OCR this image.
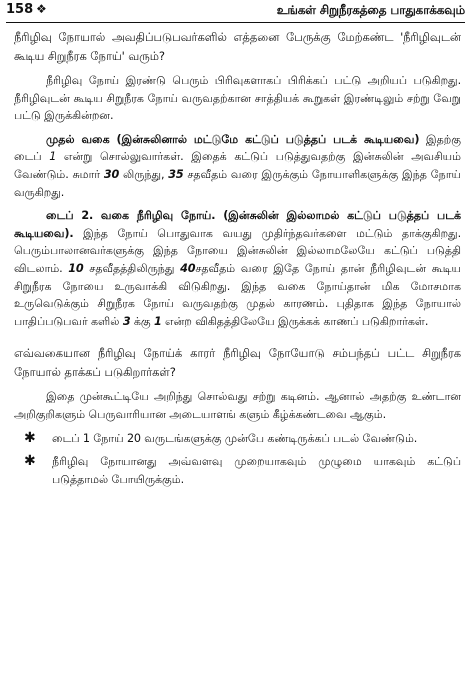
158 ❖	உங்கள் சிறுநீரகத்தை பாதுகாக்கவும்

நீரிழிவு நோயால் அவதிப்படுபவர்களில் எத்தனை பேருக்கு மேற்கண்ட 'நீரிழிவுடன் கூடிய சிறுநீரக நோய்' வரும்?

நீரிழிவு நோய் இரண்டு பெரும் பிரிவுகளாகப் பிரிக்கப் பட்டு அறியப் படுகிறது. நீரிழிவுடன் கூடிய சிறுநீரக நோய் வருவதற்கான சாத்தியக் கூறுகள் இரண்டிலும் சற்று வேறு பட்டு இருக்கின்றன.

முதல் வகை (இன்சுலினால் மட்டுமே கட்டுப் படுத்தப் படக் கூடியவை) இதற்கு டைப் 1 என்று சொல்லுவார்கள். இதைக் கட்டுப் படுத்துவதற்கு இன்சுலின் அவசியம் வேண்டும். சுமார் 30 லிருந்து, 35 சதவீதம் வரை இருக்கும் நோயாளிகளுக்கு இந்த நோய் வருகிறது.

டைப் 2. வகை நீரிழிவு நோய். (இன்சுலின் இல்லாமல் கட்டுப் படுத்தப் படக் கூடியவை). இந்த நோய் பொதுவாக வயது முதிர்ந்தவர்களை மட்டும் தாக்குகிறது. பெரும்பாலானவர்களுக்கு இந்த நோயை இன்சுலின் இல்லாமலேயே கட்டுப் படுத்தி விடலாம். 10 சதவீதத்திலிருந்து 40சதவீதம் வரை இதே நோய் தான் நீரிழிவுடன் கூடிய சிறுநீரக நோயை உருவாக்கி விடுகிறது. இந்த வகை நோய்தான் மிக மோசமாக உருவெடுக்கும் சிறுநீரக நோய் வருவதற்கு முதல் காரணம். புதிதாக இந்த நோயால் பாதிப்படுபவர் களில் 3 க்கு 1 என்ற விகிதத்திலேயே இருக்கக் காணப் படுகிறார்கள்.

எவ்வகையான நீரிழிவு நோய்க் காரர் நீரிழிவு நோயோடு சம்பந்தப் பட்ட சிறுநீரக நோயால் தாக்கப் படுகிறார்கள்?

இதை முன்கூட்டியே அறிந்து சொல்வது சற்று கடினம். ஆனால் அதற்கு உண்டான அறிகுறிகளும் பெருவாரியான அடையாளங் களும் கீழ்க்கண்டவை ஆகும்.

✱ டைப் 1 நோய் 20 வருடங்களுக்கு முன்பே கண்டிருக்கப் படல் வேண்டும்.
✱ நீரிழிவு நோயானது அவ்வளவு முறையாகவும் முழுமை யாகவும் கட்டுப் படுத்தாமல் போயிருக்கும்.
